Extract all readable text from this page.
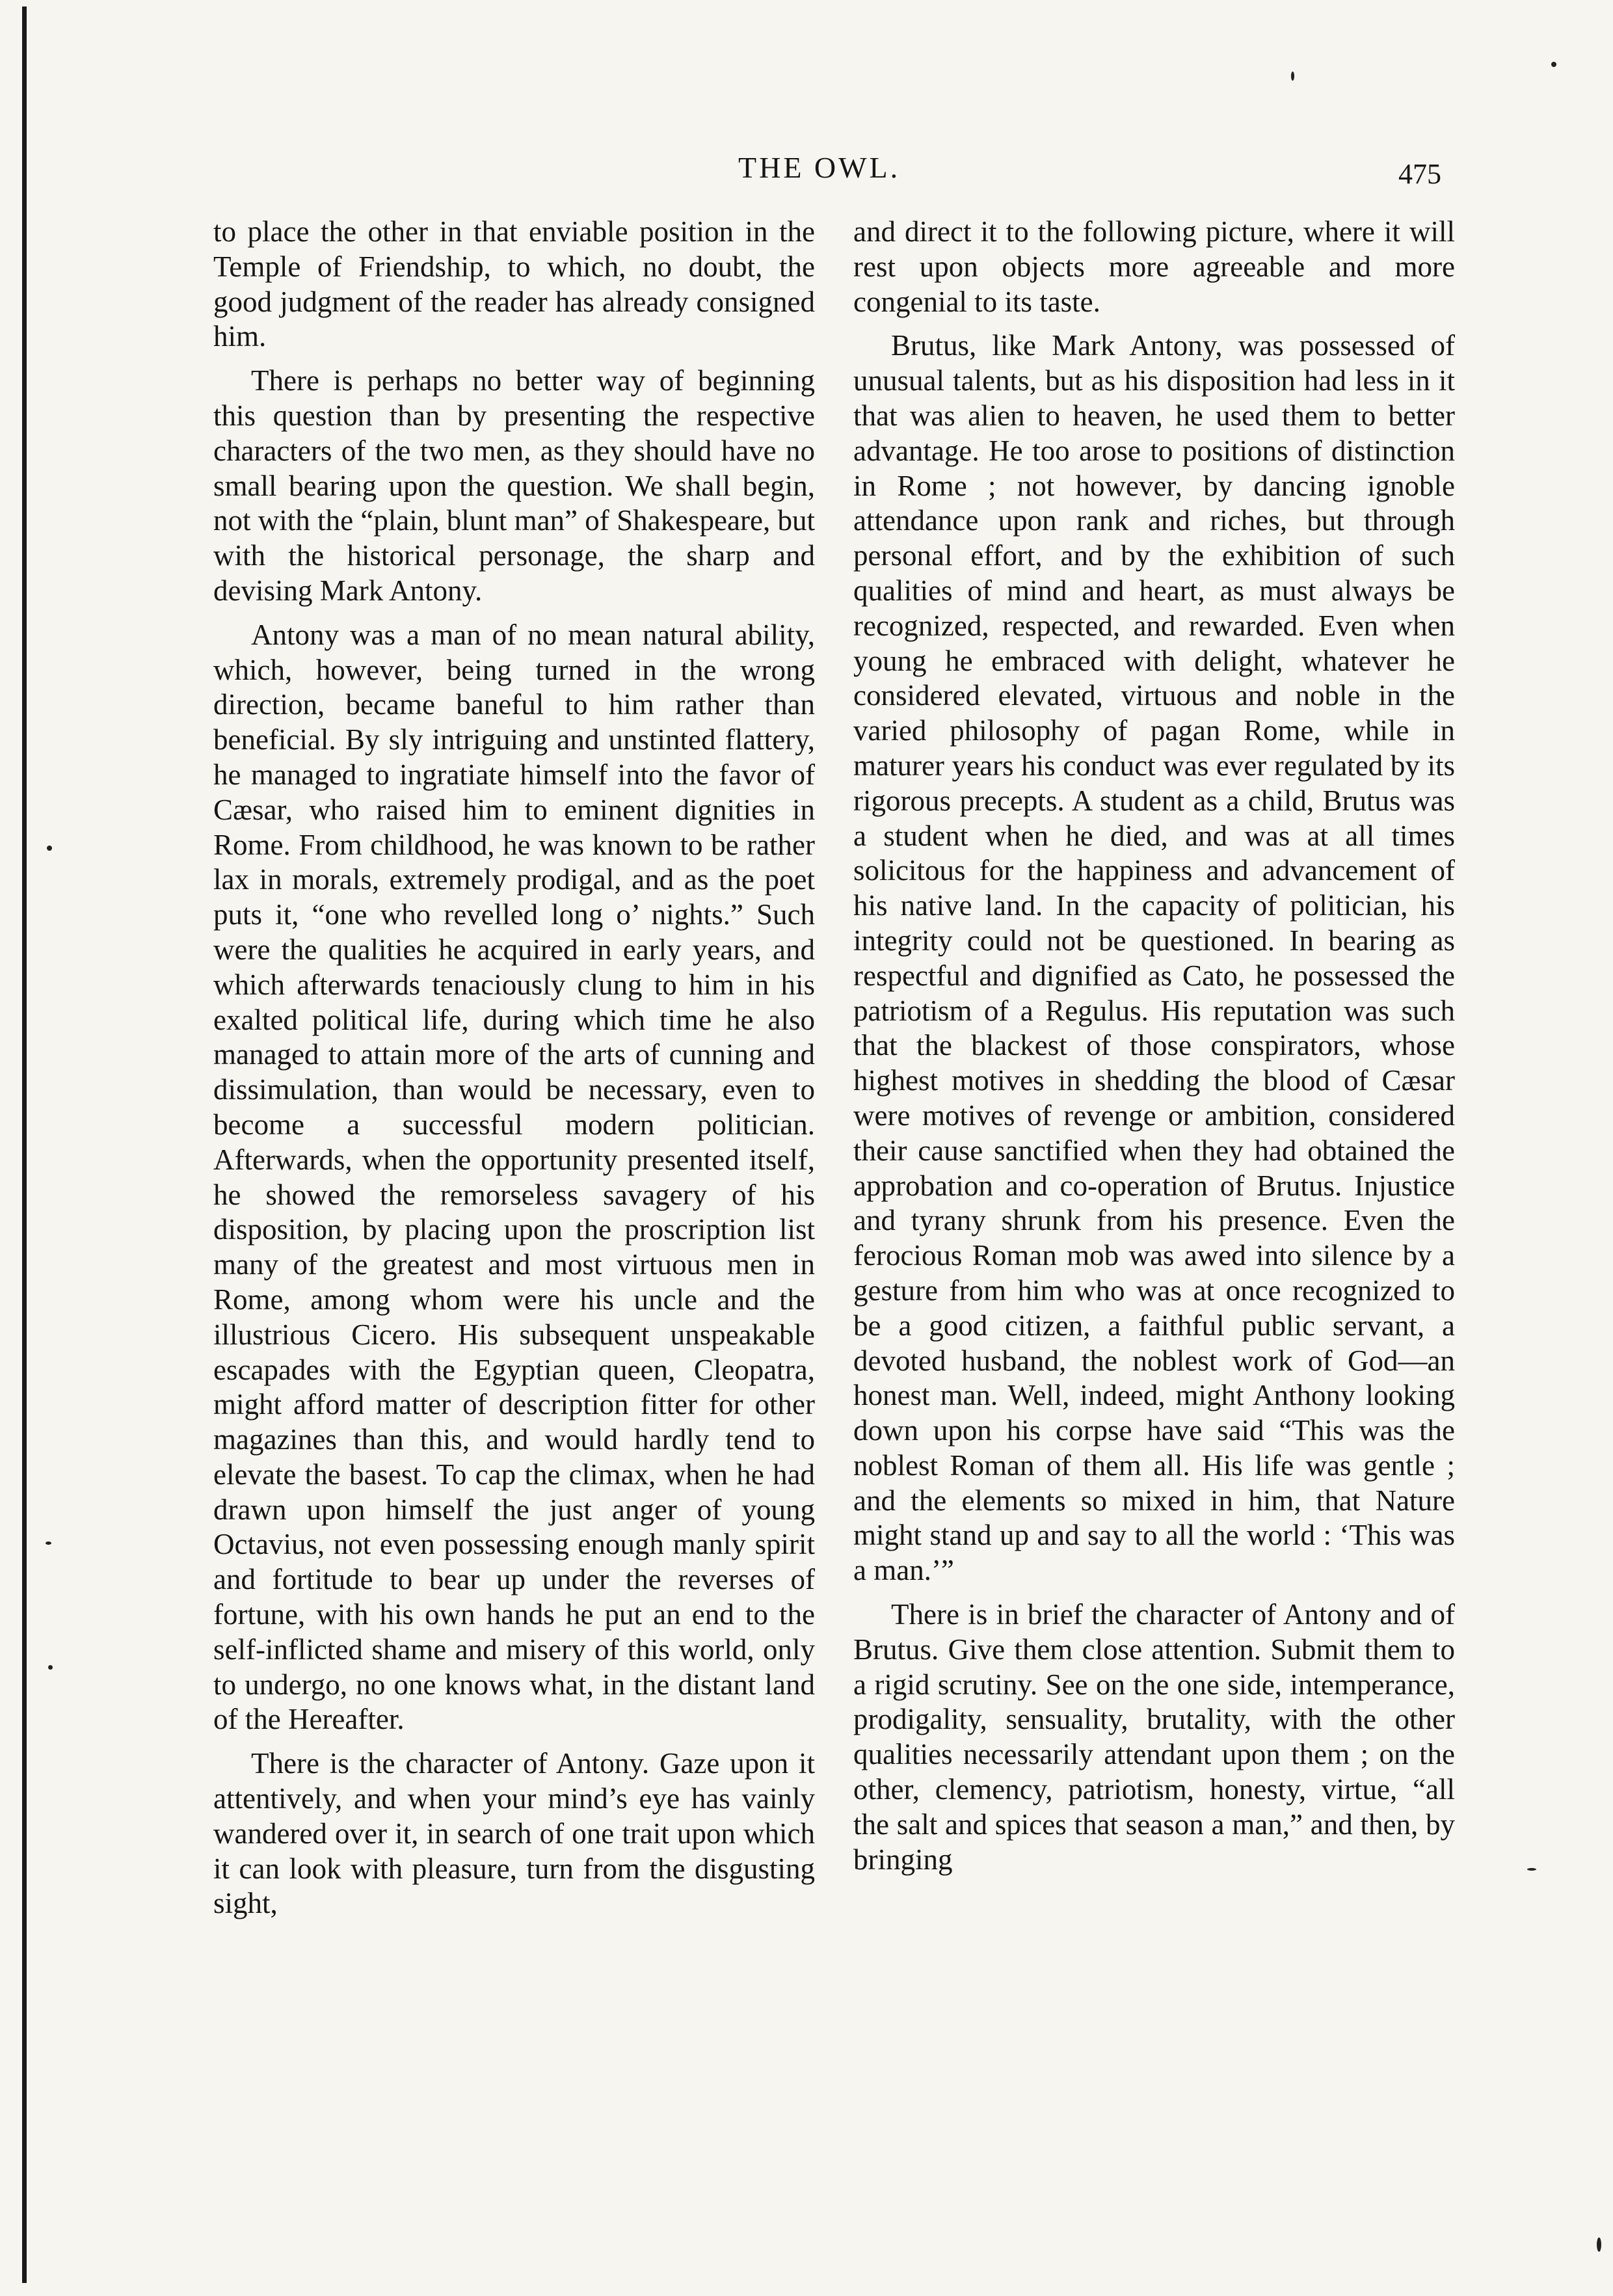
THE OWL.	475

to place the other in that enviable position in the Temple of Friendship, to which, no doubt, the good judgment of the reader has already consigned him.

There is perhaps no better way of beginning this question than by presenting the respective characters of the two men, as they should have no small bearing upon the question. We shall begin, not with the “plain, blunt man” of Shakespeare, but with the historical personage, the sharp and devising Mark Antony.

Antony was a man of no mean natural ability, which, however, being turned in the wrong direction, became baneful to him rather than beneficial. By sly intriguing and unstinted flattery, he managed to ingratiate himself into the favor of Cæsar, who raised him to eminent dignities in Rome. From childhood, he was known to be rather lax in morals, extremely prodigal, and as the poet puts it, “one who revelled long o’ nights.” Such were the qualities he acquired in early years, and which afterwards tenaciously clung to him in his exalted political life, during which time he also managed to attain more of the arts of cunning and dissimulation, than would be necessary, even to become a successful modern politician. Afterwards, when the opportunity presented itself, he showed the remorseless savagery of his disposition, by placing upon the proscription list many of the greatest and most virtuous men in Rome, among whom were his uncle and the illustrious Cicero. His subsequent unspeakable escapades with the Egyptian queen, Cleopatra, might afford matter of description fitter for other magazines than this, and would hardly tend to elevate the basest. To cap the climax, when he had drawn upon himself the just anger of young Octavius, not even possessing enough manly spirit and fortitude to bear up under the reverses of fortune, with his own hands he put an end to the self-inflicted shame and misery of this world, only to undergo, no one knows what, in the distant land of the Hereafter.

There is the character of Antony. Gaze upon it attentively, and when your mind’s eye has vainly wandered over it, in search of one trait upon which it can look with pleasure, turn from the disgusting sight,

and direct it to the following picture, where it will rest upon objects more agreeable and more congenial to its taste.

Brutus, like Mark Antony, was possessed of unusual talents, but as his disposition had less in it that was alien to heaven, he used them to better advantage. He too arose to positions of distinction in Rome ; not however, by dancing ignoble attendance upon rank and riches, but through personal effort, and by the exhibition of such qualities of mind and heart, as must always be recognized, respected, and rewarded. Even when young he embraced with delight, whatever he considered elevated, virtuous and noble in the varied philosophy of pagan Rome, while in maturer years his conduct was ever regulated by its rigorous precepts. A student as a child, Brutus was a student when he died, and was at all times solicitous for the happiness and advancement of his native land. In the capacity of politician, his integrity could not be questioned. In bearing as respectful and dignified as Cato, he possessed the patriotism of a Regulus. His reputation was such that the blackest of those conspirators, whose highest motives in shedding the blood of Cæsar were motives of revenge or ambition, considered their cause sanctified when they had obtained the approbation and co-operation of Brutus. Injustice and tyrany shrunk from his presence. Even the ferocious Roman mob was awed into silence by a gesture from him who was at once recognized to be a good citizen, a faithful public servant, a devoted husband, the noblest work of God—an honest man. Well, indeed, might Anthony looking down upon his corpse have said “This was the noblest Roman of them all. His life was gentle ; and the elements so mixed in him, that Nature might stand up and say to all the world : ‘This was a man.’”

There is in brief the character of Antony and of Brutus. Give them close attention. Submit them to a rigid scrutiny. See on the one side, intemperance, prodigality, sensuality, brutality, with the other qualities necessarily attendant upon them ; on the other, clemency, patriotism, honesty, virtue, “all the salt and spices that season a man,” and then, by bringing
